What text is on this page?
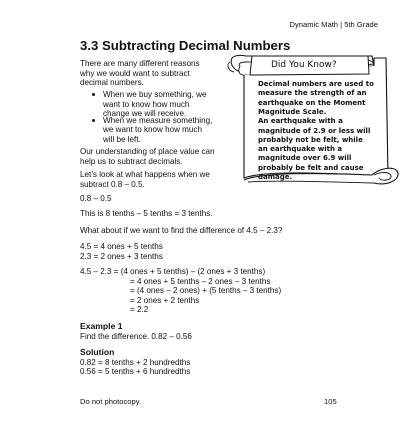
Dynamic Math | 5th Grade
3.3 Subtracting Decimal Numbers
There are many different reasons
why we would want to subtract
decimal numbers.
When we buy something, we
want to know how much
change we will receive.
When we measure something,
we want to know how much
will be left.
Our understanding of place value can
help us to subtract decimals.
Let’s look at what happens when we
subtract 0.8 – 0.5.
0.8 – 0.5
This is 8 tenths – 5 tenths = 3 tenths.
What about if we want to find the difference of 4.5 – 2.3?
4.5 = 4 ones + 5 tenths
2.3 = 2 ones + 3 tenths
4.5 – 2.3 = (4 ones + 5 tenths) – (2 ones + 3 tenths)
= 4 ones + 5 tenths – 2 ones – 3 tenths
= (4 ones – 2 ones) + (5 tenths – 3 tenths)
= 2 ones + 2 tenths
= 2.2
Example 1
Find the difference. 0.82 – 0.56
Solution
0.82 = 8 tenths + 2 hundredths
0.56 = 5 tenths + 6 hundredths
Did You Know?
Decimal numbers are used to
measure the strength of an
earthquake on the Moment
Magnitude Scale.
An earthquake with a
magnitude of 2.9 or less will
probably not be felt, while
an earthquake with a
magnitude over 6.9 will
probably be felt and cause
damage.
Do not photocopy.	105
